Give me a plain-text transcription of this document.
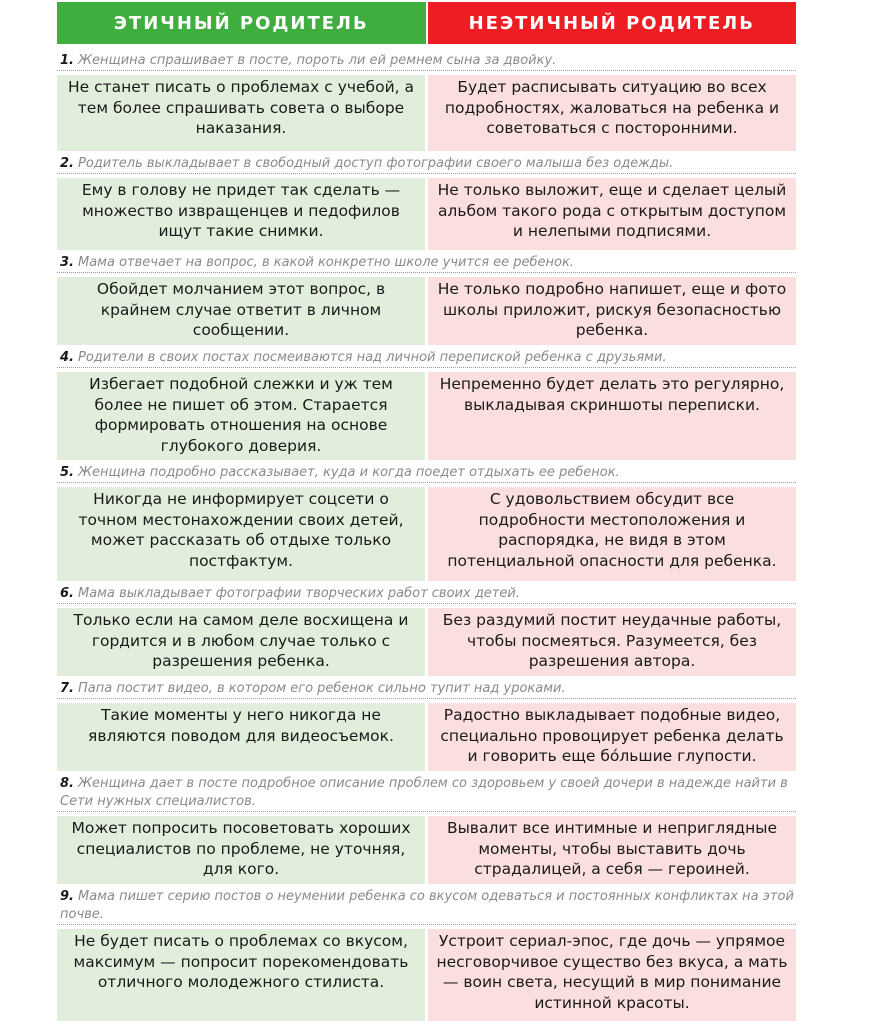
ЭТИЧНЫЙ РОДИТЕЛЬ	НЕЭТИЧНЫЙ РОДИТЕЛЬ
1. Женщина спрашивает в посте, пороть ли ей ремнем сына за двойку.
Не станет писать о проблемах с учебой, а тем более спрашивать совета о выборе наказания.
Будет расписывать ситуацию во всех подробностях, жаловаться на ребенка и советоваться с посторонними.
2. Родитель выкладывает в свободный доступ фотографии своего малыша без одежды.
Ему в голову не придет так сделать — множество извращенцев и педофилов ищут такие снимки.
Не только выложит, еще и сделает целый альбом такого рода с открытым доступом и нелепыми подписями.
3. Мама отвечает на вопрос, в какой конкретно школе учится ее ребенок.
Обойдет молчанием этот вопрос, в крайнем случае ответит в личном сообщении.
Не только подробно напишет, еще и фото школы приложит, рискуя безопасностью ребенка.
4. Родители в своих постах посмеиваются над личной перепиской ребенка с друзьями.
Избегает подобной слежки и уж тем более не пишет об этом. Старается формировать отношения на основе глубокого доверия.
Непременно будет делать это регулярно, выкладывая скриншоты переписки.
5. Женщина подробно рассказывает, куда и когда поедет отдыхать ее ребенок.
Никогда не информирует соцсети о точном местонахождении своих детей, может рассказать об отдыхе только постфактум.
С удовольствием обсудит все подробности местоположения и распорядка, не видя в этом потенциальной опасности для ребенка.
6. Мама выкладывает фотографии творческих работ своих детей.
Только если на самом деле восхищена и гордится и в любом случае только с разрешения ребенка.
Без раздумий постит неудачные работы, чтобы посмеяться. Разумеется, без разрешения автора.
7. Папа постит видео, в котором его ребенок сильно тупит над уроками.
Такие моменты у него никогда не являются поводом для видеосъемок.
Радостно выкладывает подобные видео, специально провоцирует ребенка делать и говорить еще бо́льшие глупости.
8. Женщина дает в посте подробное описание проблем со здоровьем у своей дочери в надежде найти в Сети нужных специалистов.
Может попросить посоветовать хороших специалистов по проблеме, не уточняя, для кого.
Вывалит все интимные и неприглядные моменты, чтобы выставить дочь страдалицей, а себя — героиней.
9. Мама пишет серию постов о неумении ребенка со вкусом одеваться и постоянных конфликтах на этой почве.
Не будет писать о проблемах со вкусом, максимум — попросит порекомендовать отличного молодежного стилиста.
Устроит сериал-эпос, где дочь — упрямое несговорчивое существо без вкуса, а мать — воин света, несущий в мир понимание истинной красоты.
